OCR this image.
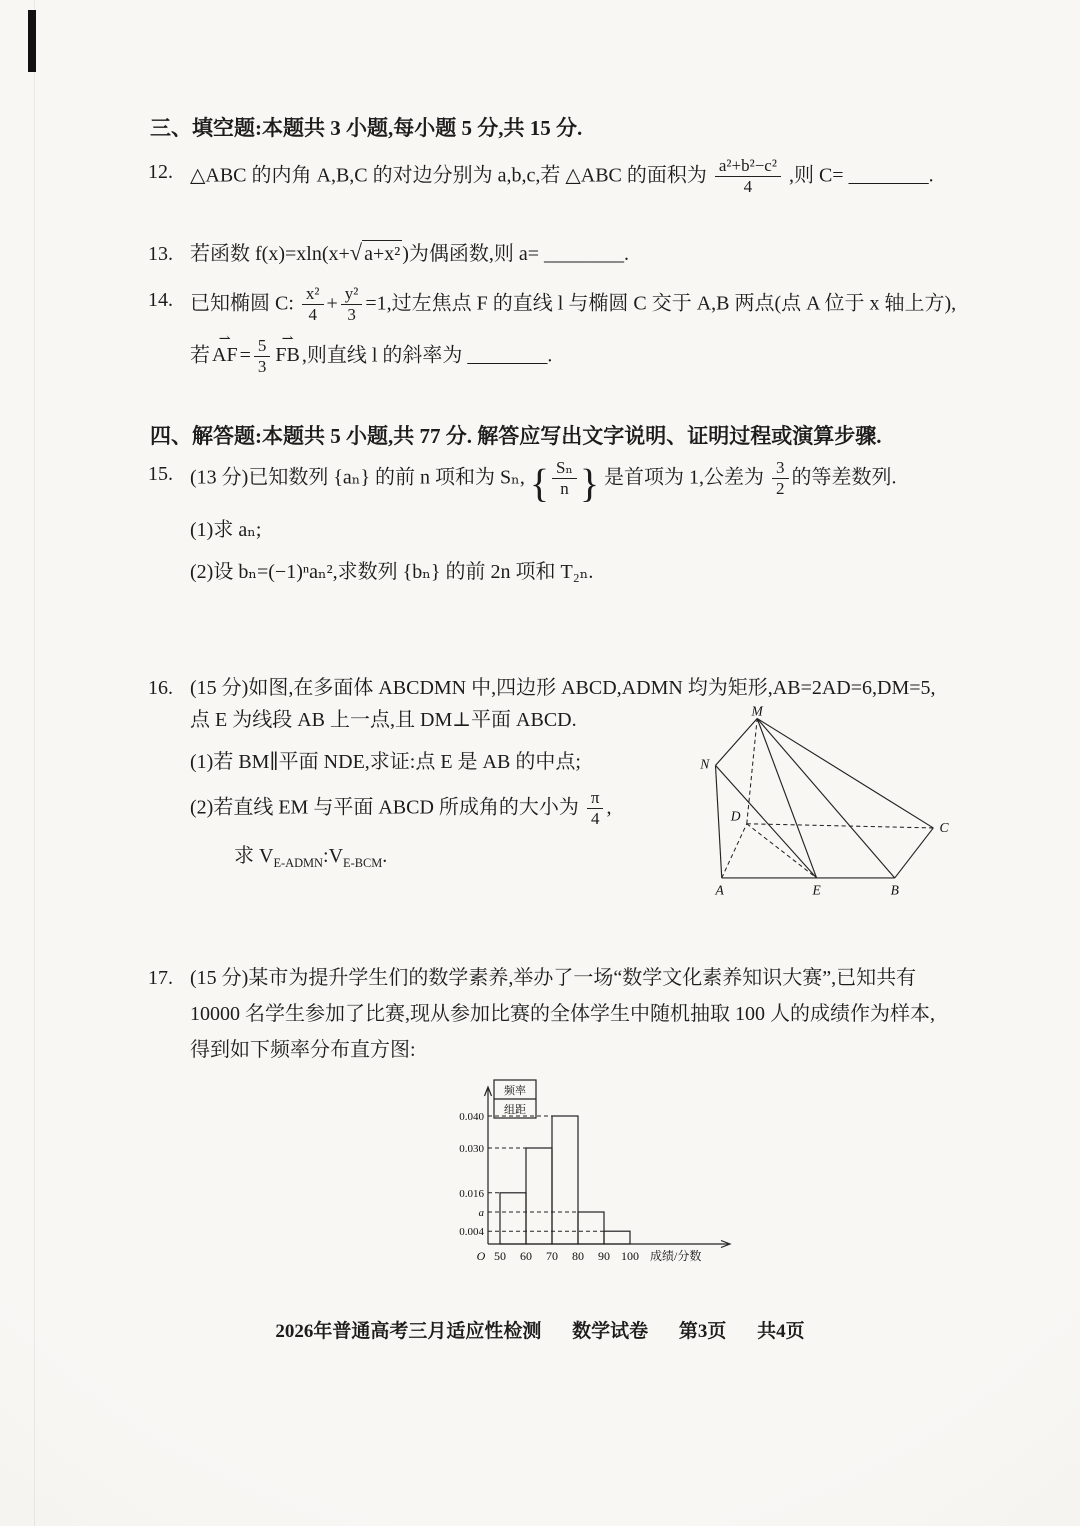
三、填空题:本题共 3 小题,每小题 5 分,共 15 分.
12. △ABC 的内角 A,B,C 的对边分别为 a,b,c,若 △ABC 的面积为 $\frac{\text{a²+b²−c²}}{4}$ ,则 C= ________.
13. 若函数 f(x)=xln(x+ √ a+x² )为偶函数,则 a= ________.
14. 已知椭圆 C: $\frac{\text{x²}}{4} + \frac{\text{y²}}{3} =1$,过左焦点 F 的直线 l 与椭圆 C 交于 A,B 两点(点 A 位于 x 轴上方),
若
⇀
AF = $\frac{5}{3}$ ⇀
FB ,则直线 l 的斜率为 ________.
四、解答题:本题共 5 小题,共 77 分. 解答应写出文字说明、证明过程或演算步骤.
15. (13 分)已知数列 {aₙ} 的前 n 项和为 Sₙ, { $\frac{\text{Sₙ}}{n}$ } 是首项为 1,公差为 $\frac{3}{2}$ 的等差数列.
(1)求 aₙ;
(2)设 bₙ=(−1)ⁿaₙ²,求数列 {bₙ} 的前 2n 项和 T₂ₙ.
16. (15 分)如图,在多面体 ABCDMN 中,四边形 ABCD,ADMN 均为矩形,AB=2AD=6,DM=5,
点 E 为线段 AB 上一点,且 DM⊥平面 ABCD.
(1)若 BM∥平面 NDE,求证:点 E 是 AB 的中点;
(2)若直线 EM 与平面 ABCD 所成角的大小为 $\frac{\pi}{4}$ ,
求 $V_{E-ADMN}:V_{E-BCM}$.
M
N
D
C
A	E	B
17. (15 分)某市为提升学生们的数学素养,举办了一场“数学文化素养知识大赛”,已知共有
10000 名学生参加了比赛,现从参加比赛的全体学生中随机抽取 100 人的成绩作为样本,
得到如下频率分布直方图:
0.040
0.030
0.016
a
0.004
50 60 70 80 90 100
O	成绩/分数
频率
组距
2026年普通高考三月适应性检测 数学试卷 第3页 共4页
